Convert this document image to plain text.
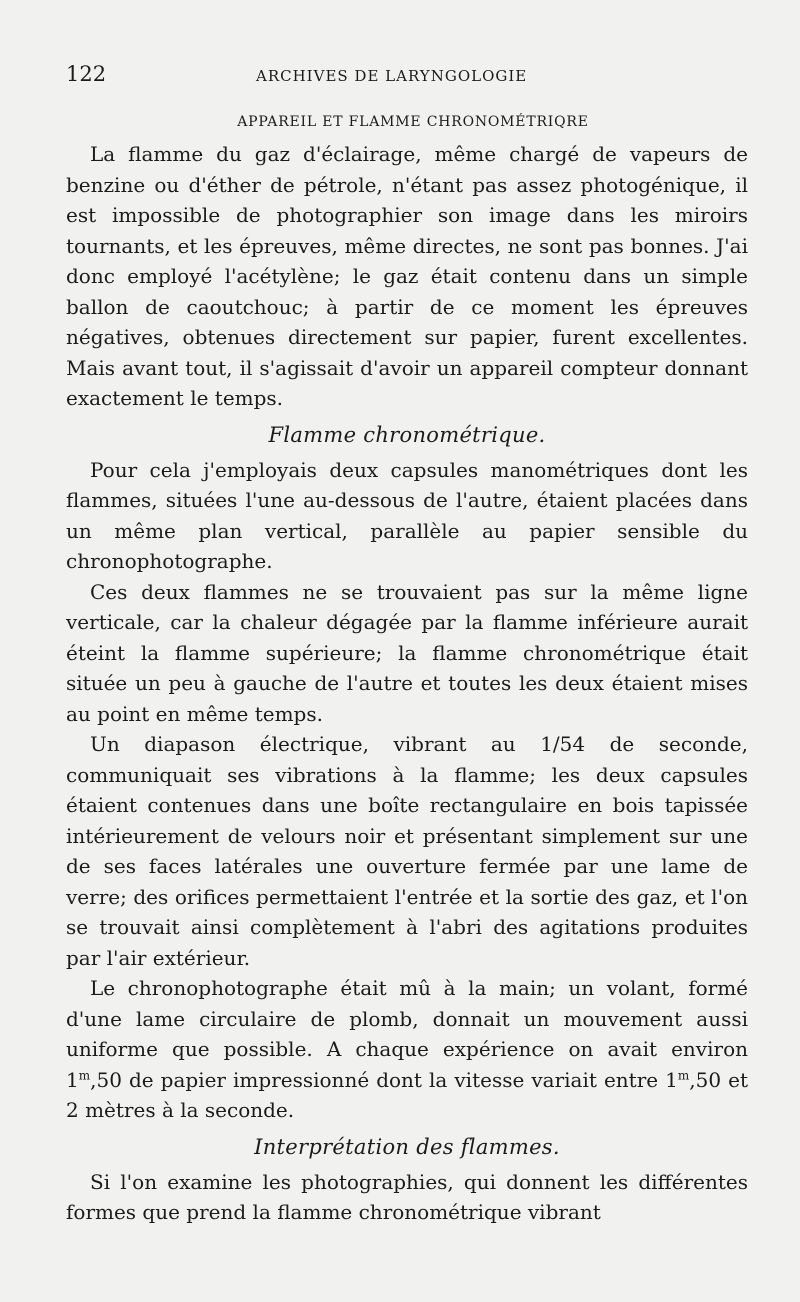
122	ARCHIVES DE LARYNGOLOGIE
APPAREIL ET FLAMME CHRONOMÉTRIQRE

La flamme du gaz d'éclairage, même chargé de vapeurs de benzine ou d'éther de pétrole, n'étant pas assez photogénique, il est impossible de photographier son image dans les miroirs tournants, et les épreuves, même directes, ne sont pas bonnes. J'ai donc employé l'acétylène; le gaz était contenu dans un simple ballon de caoutchouc; à partir de ce moment les épreuves négatives, obtenues directement sur papier, furent excellentes. Mais avant tout, il s'agissait d'avoir un appareil compteur donnant exactement le temps.

Flamme chronométrique.

Pour cela j'employais deux capsules manométriques dont les flammes, situées l'une au-dessous de l'autre, étaient placées dans un même plan vertical, parallèle au papier sensible du chronophotographe.

Ces deux flammes ne se trouvaient pas sur la même ligne verticale, car la chaleur dégagée par la flamme inférieure aurait éteint la flamme supérieure; la flamme chronométrique était située un peu à gauche de l'autre et toutes les deux étaient mises au point en même temps.

Un diapason électrique, vibrant au 1/54 de seconde, communiquait ses vibrations à la flamme; les deux capsules étaient contenues dans une boîte rectangulaire en bois tapissée intérieurement de velours noir et présentant simplement sur une de ses faces latérales une ouverture fermée par une lame de verre; des orifices permettaient l'entrée et la sortie des gaz, et l'on se trouvait ainsi complètement à l'abri des agitations produites par l'air extérieur.

Le chronophotographe était mû à la main; un volant, formé d'une lame circulaire de plomb, donnait un mouvement aussi uniforme que possible. A chaque expérience on avait environ 1$^m$,50 de papier impressionné dont la vitesse variait entre 1$^m$,50 et 2 mètres à la seconde.

Interprétation des flammes.

Si l'on examine les photographies, qui donnent les différentes formes que prend la flamme chronométrique vibrant
